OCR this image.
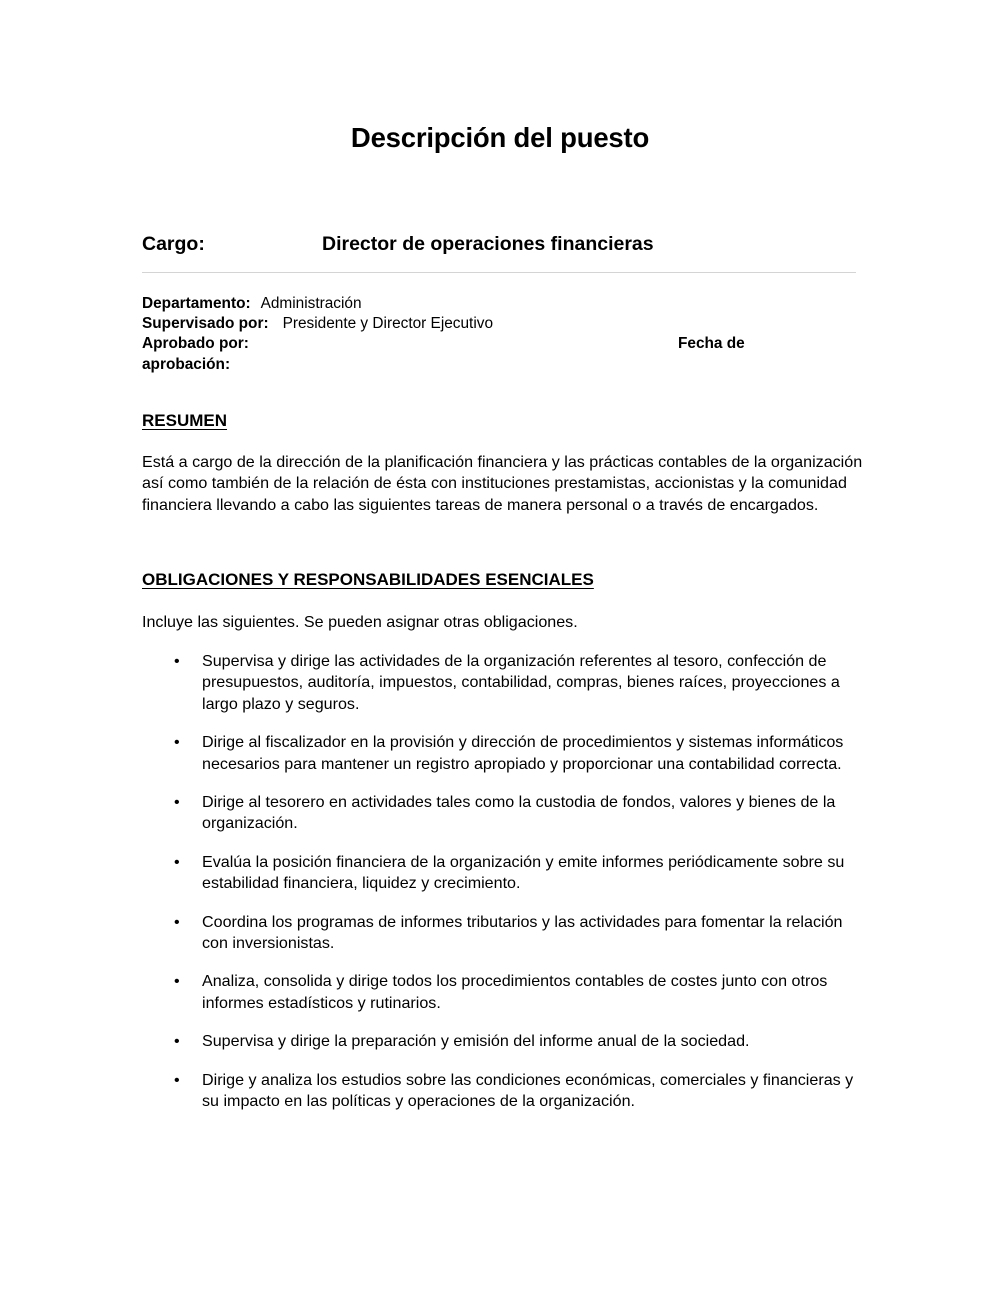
Descripción del puesto
Cargo:	Director de operaciones financieras
Departamento: Administración
Supervisado por: Presidente y Director Ejecutivo
Aprobado por:	Fecha de
aprobación:
RESUMEN
Está a cargo de la dirección de la planificación financiera y las prácticas contables de la organización así como también de la relación de ésta con instituciones prestamistas, accionistas y la comunidad financiera llevando a cabo las siguientes tareas de manera personal o a través de encargados.
OBLIGACIONES Y RESPONSABILIDADES ESENCIALES
Incluye las siguientes. Se pueden asignar otras obligaciones.
• Supervisa y dirige las actividades de la organización referentes al tesoro, confección de presupuestos, auditoría, impuestos, contabilidad, compras, bienes raíces, proyecciones a largo plazo y seguros.
• Dirige al fiscalizador en la provisión y dirección de procedimientos y sistemas informáticos necesarios para mantener un registro apropiado y proporcionar una contabilidad correcta.
• Dirige al tesorero en actividades tales como la custodia de fondos, valores y bienes de la organización.
• Evalúa la posición financiera de la organización y emite informes periódicamente sobre su estabilidad financiera, liquidez y crecimiento.
• Coordina los programas de informes tributarios y las actividades para fomentar la relación con inversionistas.
• Analiza, consolida y dirige todos los procedimientos contables de costes junto con otros informes estadísticos y rutinarios.
• Supervisa y dirige la preparación y emisión del informe anual de la sociedad.
• Dirige y analiza los estudios sobre las condiciones económicas, comerciales y financieras y su impacto en las políticas y operaciones de la organización.
